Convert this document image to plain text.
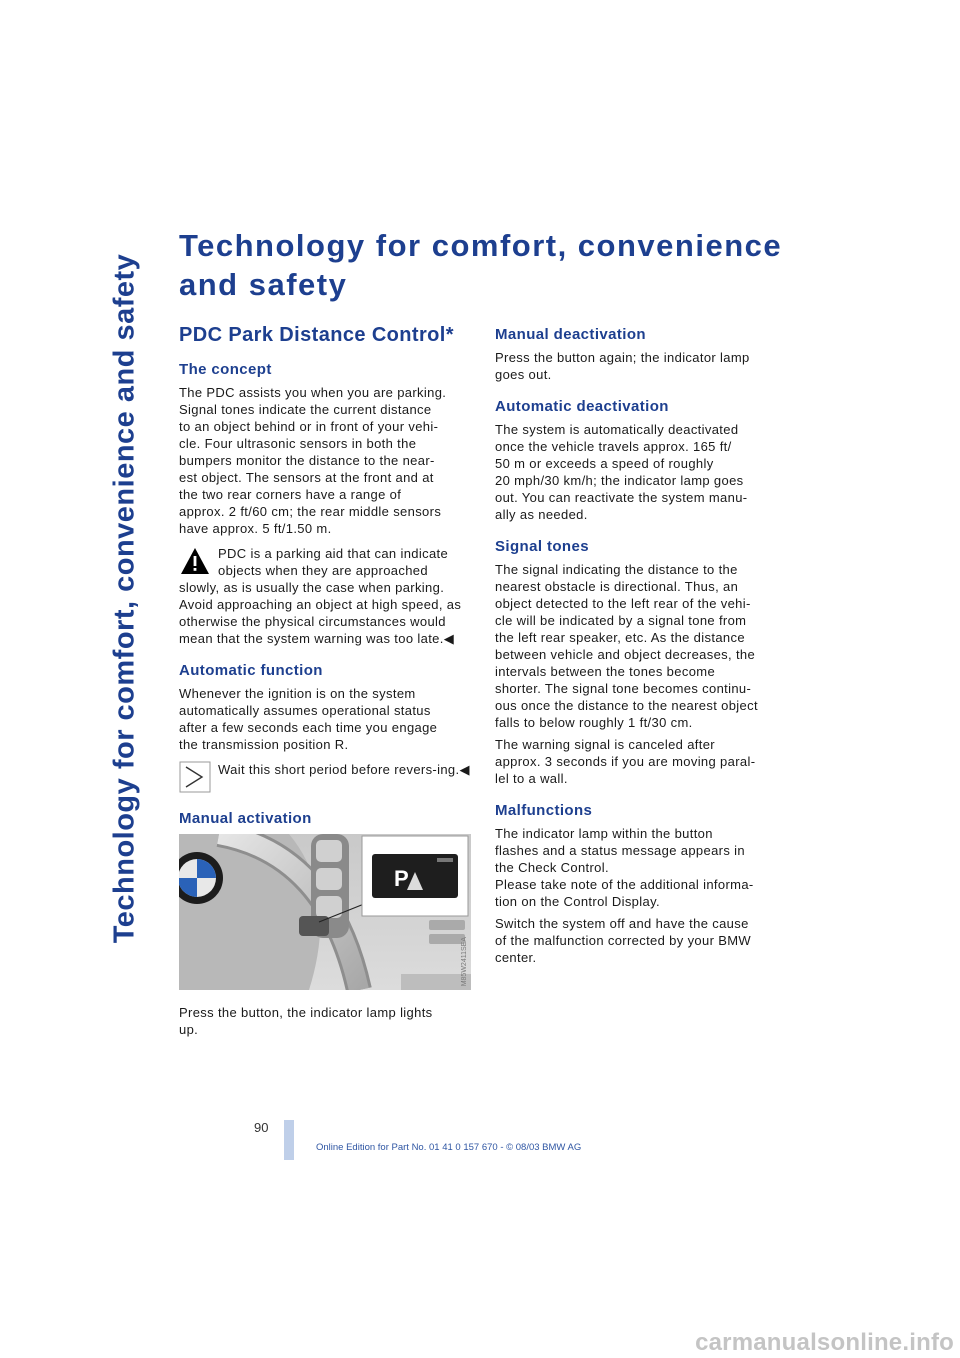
Technology for comfort, convenience and safety
Technology for comfort, convenience
and safety
PDC Park Distance Control*
The concept

The PDC assists you when you are parking.
Signal tones indicate the current distance
to an object behind or in front of your vehi-
cle. Four ultrasonic sensors in both the
bumpers monitor the distance to the near-
est object. The sensors at the front and at
the two rear corners have a range of
approx. 2 ft/60 cm; the rear middle sensors
have approx. 5 ft/1.50 m.

PDC is a parking aid that can indicate objects when they are approached slowly, as is usually the case when parking. Avoid approaching an object at high speed, as otherwise the physical circumstances would mean that the system warning was too late.◀

Automatic function

Whenever the ignition is on the system
automatically assumes operational status
after a few seconds each time you engage
the transmission position R.

Wait this short period before revers-ing.◀

Manual activation
P
M85W2411SEA

Press the button, the indicator lamp lights
up.

Manual deactivation

Press the button again; the indicator lamp
goes out.

Automatic deactivation

The system is automatically deactivated
once the vehicle travels approx. 165 ft/
50 m or exceeds a speed of roughly
20 mph/30 km/h; the indicator lamp goes
out. You can reactivate the system manu-
ally as needed.

Signal tones

The signal indicating the distance to the
nearest obstacle is directional. Thus, an
object detected to the left rear of the vehi-
cle will be indicated by a signal tone from
the left rear speaker, etc. As the distance
between vehicle and object decreases, the
intervals between the tones become
shorter. The signal tone becomes continu-
ous once the distance to the nearest object
falls to below roughly 1 ft/30 cm.

The warning signal is canceled after
approx. 3 seconds if you are moving paral-
lel to a wall.

Malfunctions

The indicator lamp within the button
flashes and a status message appears in
the Check Control.
Please take note of the additional informa-
tion on the Control Display.

Switch the system off and have the cause
of the malfunction corrected by your BMW
center.

90
Online Edition for Part No. 01 41 0 157 670 - © 08/03 BMW AG
carmanualsonline.info
